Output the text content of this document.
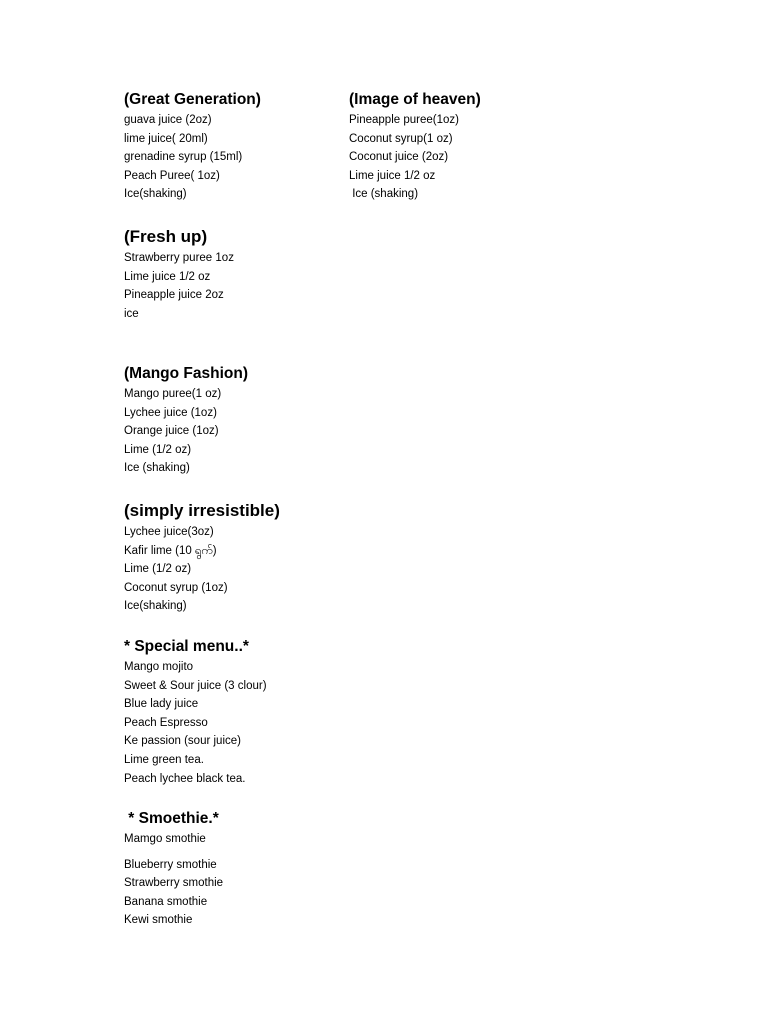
(Great Generation)

guava juice (2oz)
lime juice( 20ml)
grenadine syrup (15ml)
Peach Puree( 1oz)
Ice(shaking)

(Image of heaven)

Pineapple puree(1oz)
Coconut syrup(1 oz)
Coconut juice (2oz)
Lime juice 1/2 oz
Ice (shaking)

(Fresh up)

Strawberry puree 1oz
Lime juice 1/2 oz
Pineapple juice 2oz
ice

(Mango Fashion)

Mango puree(1 oz)
Lychee juice (1oz)
Orange juice (1oz)
Lime (1/2 oz)
Ice (shaking)

(simply irresistible)

Lychee juice(3oz)
Kafir lime (10 ရွက်)
Lime (1/2 oz)
Coconut syrup (1oz)
Ice(shaking)

* Special menu..*

Mango mojito
Sweet & Sour juice (3 clour)
Blue lady juice
Peach Espresso
Ke passion (sour juice)
Lime green tea.
Peach lychee black tea.

* Smoethie.*

Mamgo smothie
Blueberry smothie
Strawberry smothie
Banana smothie
Kewi smothie
